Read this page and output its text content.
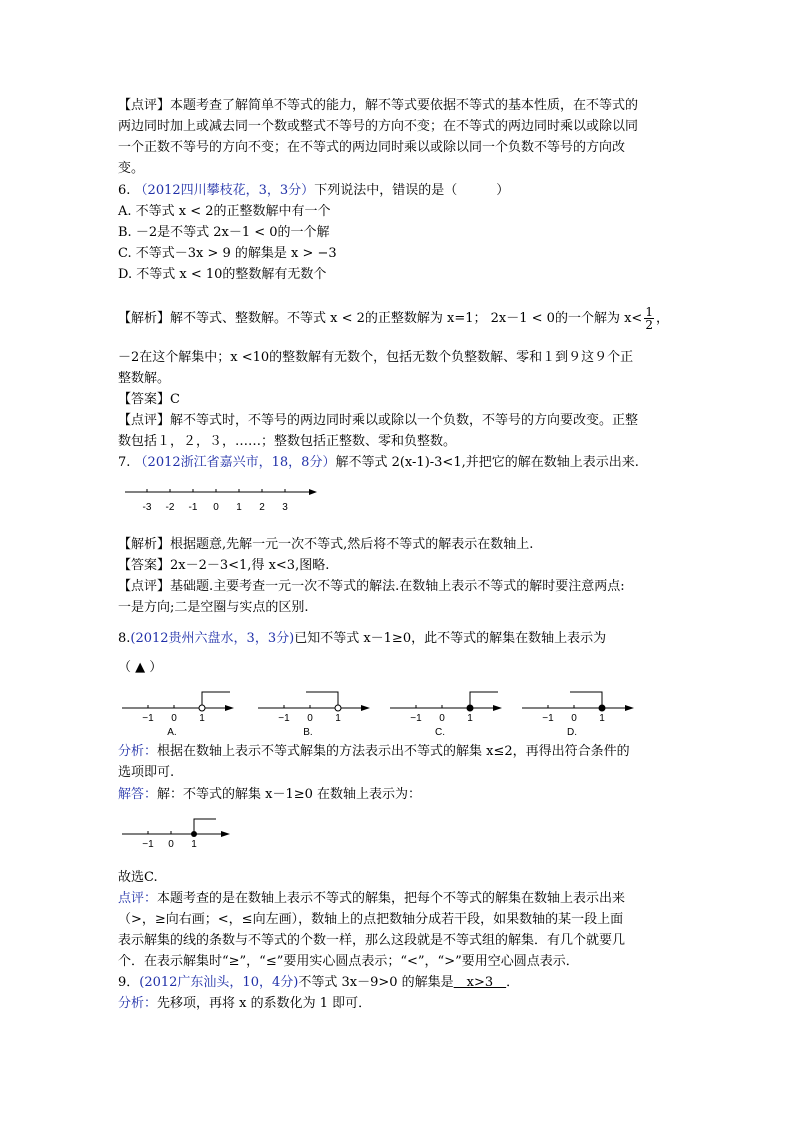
【点评】本题考查了解简单不等式的能力，解不等式要依据不等式的基本性质，在不等式的
两边同时加上或减去同一个数或整式不等号的方向不变；在不等式的两边同时乘以或除以同
一个正数不等号的方向不变；在不等式的两边同时乘以或除以同一个负数不等号的方向改
变。
6. （2012四川攀枝花，3，3分）下列说法中，错误的是（　　　）
A. 不等式 x < 2的正整数解中有一个
B. －2是不等式 2x－1 < 0的一个解
C. 不等式－3x > 9 的解集是 x > −3
D. 不等式 x < 10的整数解有无数个
【解析】解不等式、整数解。不等式 x < 2的正整数解为 x=1； 2x－1 < 0的一个解为 $x< \frac{1}{2}$ ，
－2在这个解集中；x <10的整数解有无数个，包括无数个负整数解、零和１到９这９个正
整数解。
【答案】C
【点评】解不等式时，不等号的两边同时乘以或除以一个负数，不等号的方向要改变。正整
数包括１，２，３，……；整数包括正整数、零和负整数。
7. （2012浙江省嘉兴市，18，8分）解不等式 2(x-1)-3<1,并把它的解在数轴上表示出来.
-3 -2 -1 0 1 2 3
【解析】根据题意,先解一元一次不等式,然后将不等式的解表示在数轴上.
【答案】2x－2－3<1,得 x<3,图略.
【点评】基础题.主要考查一元一次不等式的解法.在数轴上表示不等式的解时要注意两点:
一是方向;二是空圈与实点的区别.
8.(2012贵州六盘水，3，3分)已知不等式 x－1≥0，此不等式的解集在数轴上表示为
（ ▲ ）
−1 0 1
A.
−1 0 1
B.
−1 0 1
C.
−1 0 1
D.
分析：根据在数轴上表示不等式解集的方法表示出不等式的解集 x≤2，再得出符合条件的
选项即可.
解答：解：不等式的解集 x－1≥0 在数轴上表示为：
−1 0 1
故选C.
点评：本题考查的是在数轴上表示不等式的解集，把每个不等式的解集在数轴上表示出来
（>，≥向右画；<，≤向左画），数轴上的点把数轴分成若干段，如果数轴的某一段上面
表示解集的线的条数与不等式的个数一样，那么这段就是不等式组的解集．有几个就要几
个．在表示解集时“≥”，“≤”要用实心圆点表示；“<”，“>”要用空心圆点表示．
9．(2012广东汕头，10，4分)不等式 3x－9>0 的解集是　x>3　．
分析：先移项，再将 x 的系数化为 1 即可．
